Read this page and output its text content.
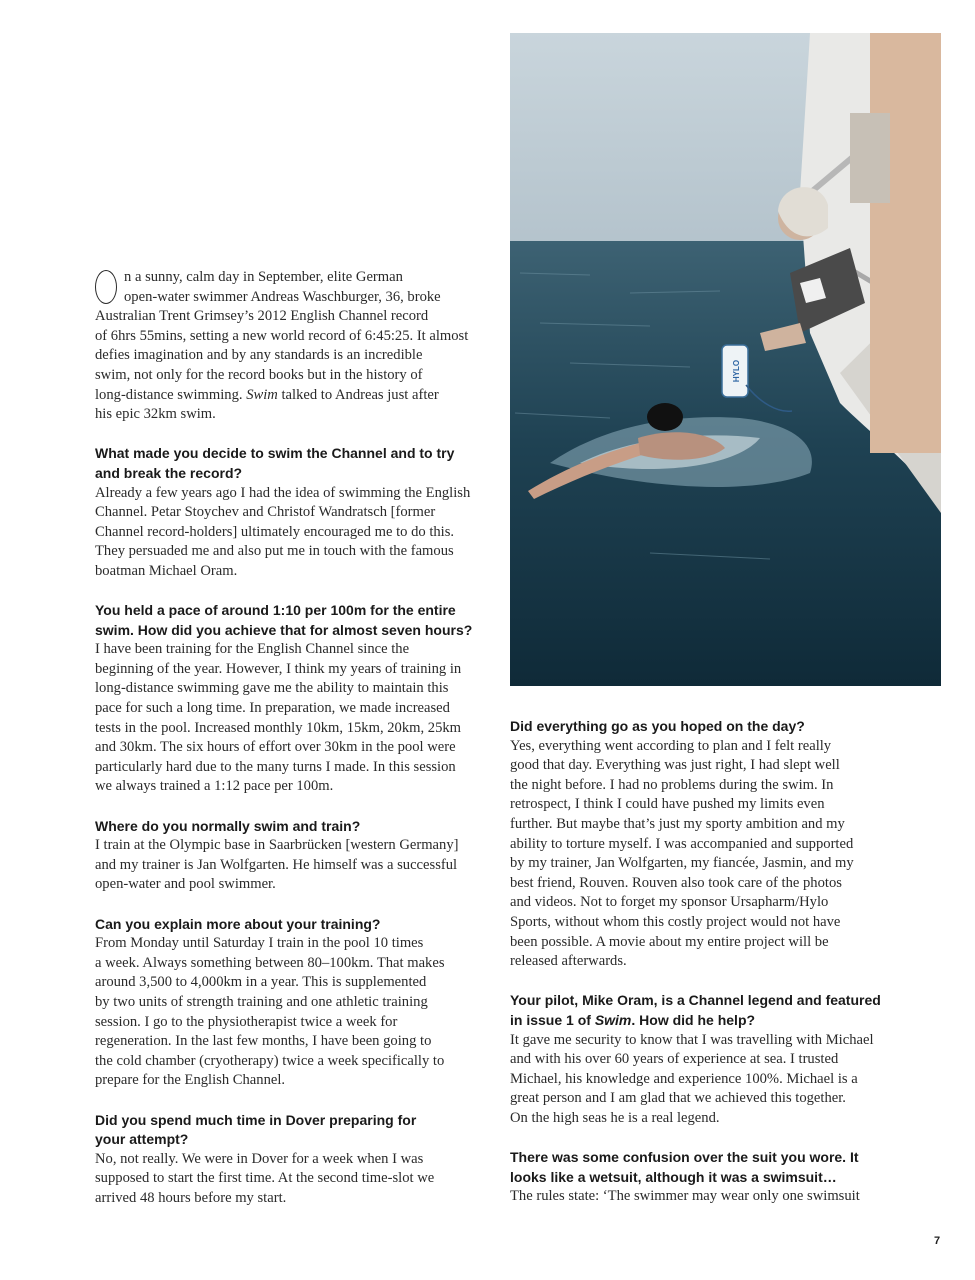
HYLO
n a sunny, calm day in September, elite German
open-water swimmer Andreas Waschburger, 36, broke

Australian Trent Grimsey’s 2012 English Channel record

of 6hrs 55mins, setting a new world record of 6:45:25. It almost

defies imagination and by any standards is an incredible

swim, not only for the record books but in the history of

long-distance swimming. Swim talked to Andreas just after

his epic 32km swim.

What made you decide to swim the Channel and to try

and break the record?

Already a few years ago I had the idea of swimming the English

Channel. Petar Stoychev and Christof Wandratsch [former

Channel record-holders] ultimately encouraged me to do this.

They persuaded me and also put me in touch with the famous

boatman Michael Oram.

You held a pace of around 1:10 per 100m for the entire

swim. How did you achieve that for almost seven hours?

I have been training for the English Channel since the

beginning of the year. However, I think my years of training in

long-distance swimming gave me the ability to maintain this

pace for such a long time. In preparation, we made increased

tests in the pool. Increased monthly 10km, 15km, 20km, 25km

and 30km. The six hours of effort over 30km in the pool were

particularly hard due to the many turns I made. In this session

we always trained a 1:12 pace per 100m.

Where do you normally swim and train?

I train at the Olympic base in Saarbrücken [western Germany]

and my trainer is Jan Wolfgarten. He himself was a successful

open-water and pool swimmer.

Can you explain more about your training?

From Monday until Saturday I train in the pool 10 times

a week. Always something between 80–100km. That makes

around 3,500 to 4,000km in a year. This is supplemented

by two units of strength training and one athletic training

session. I go to the physiotherapist twice a week for

regeneration. In the last few months, I have been going to

the cold chamber (cryotherapy) twice a week specifically to

prepare for the English Channel.

Did you spend much time in Dover preparing for

your attempt?

No, not really. We were in Dover for a week when I was

supposed to start the first time. At the second time-slot we

arrived 48 hours before my start.

Did everything go as you hoped on the day?

Yes, everything went according to plan and I felt really

good that day. Everything was just right, I had slept well

the night before. I had no problems during the swim. In

retrospect, I think I could have pushed my limits even

further. But maybe that’s just my sporty ambition and my

ability to torture myself. I was accompanied and supported

by my trainer, Jan Wolfgarten, my fiancée, Jasmin, and my

best friend, Rouven. Rouven also took care of the photos

and videos. Not to forget my sponsor Ursapharm/Hylo

Sports, without whom this costly project would not have

been possible. A movie about my entire project will be

released afterwards.

Your pilot, Mike Oram, is a Channel legend and featured

in issue 1 of Swim. How did he help?

It gave me security to know that I was travelling with Michael

and with his over 60 years of experience at sea. I trusted

Michael, his knowledge and experience 100%. Michael is a

great person and I am glad that we achieved this together.

On the high seas he is a real legend.

There was some confusion over the suit you wore. It

looks like a wetsuit, although it was a swimsuit…

The rules state: ‘The swimmer may wear only one swimsuit

7
